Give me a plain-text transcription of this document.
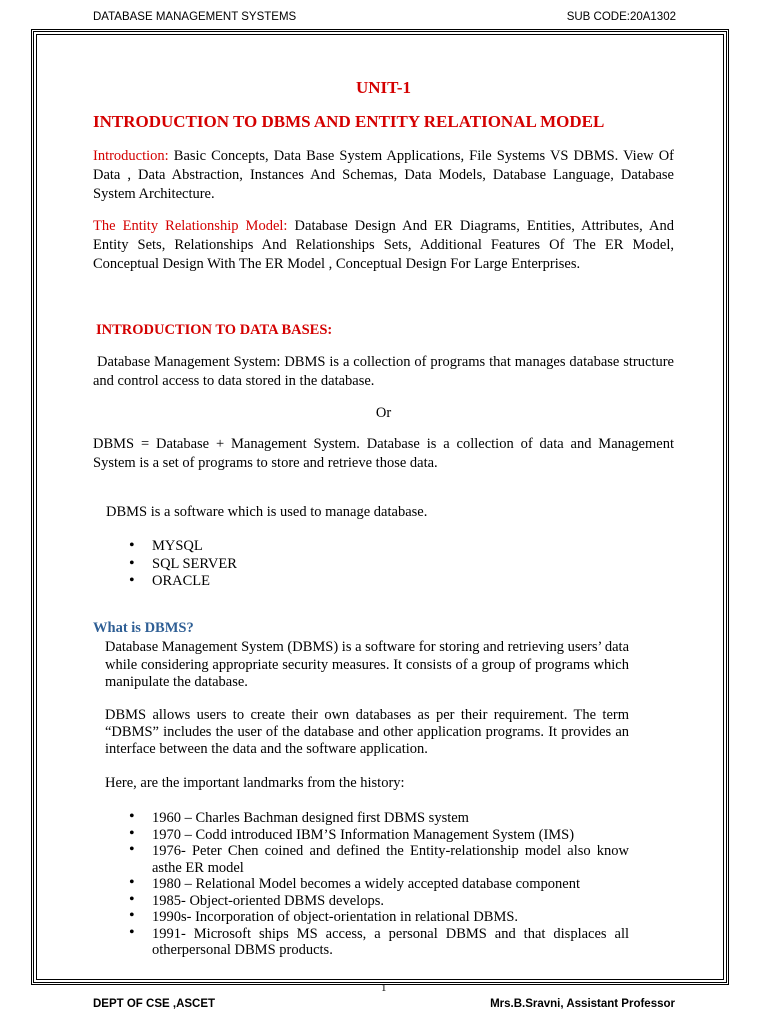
DATABASE MANAGEMENT SYSTEMS	SUB CODE:20A1302
UNIT-1
INTRODUCTION TO DBMS AND ENTITY RELATIONAL MODEL
Introduction: Basic Concepts, Data Base System Applications, File Systems VS DBMS. View Of Data , Data Abstraction, Instances And Schemas, Data Models, Database Language, Database System Architecture.
The Entity Relationship Model: Database Design And ER Diagrams, Entities, Attributes, And Entity Sets, Relationships And Relationships Sets, Additional Features Of The ER Model, Conceptual Design With The ER Model , Conceptual Design For Large Enterprises.
INTRODUCTION TO DATA BASES:
Database Management System: DBMS is a collection of programs that manages database structure and control access to data stored in the database.
Or
DBMS = Database + Management System. Database is a collection of data and Management System is a set of programs to store and retrieve those data.
DBMS is a software which is used to manage database.
• MYSQL
• SQL SERVER
• ORACLE
What is DBMS?
Database Management System (DBMS) is a software for storing and retrieving users’ data while considering appropriate security measures. It consists of a group of programs which manipulate the database.
DBMS allows users to create their own databases as per their requirement. The term “DBMS” includes the user of the database and other application programs. It provides an interface between the data and the software application.
Here, are the important landmarks from the history:
• 1960 – Charles Bachman designed first DBMS system
• 1970 – Codd introduced IBM’S Information Management System (IMS)
• 1976- Peter Chen coined and defined the Entity-relationship model also know asthe ER model
• 1980 – Relational Model becomes a widely accepted database component
• 1985- Object-oriented DBMS develops.
• 1990s- Incorporation of object-orientation in relational DBMS.
• 1991- Microsoft ships MS access, a personal DBMS and that displaces all otherpersonal DBMS products.
1
DEPT OF CSE ,ASCET	Mrs.B.Sravni, Assistant Professor
